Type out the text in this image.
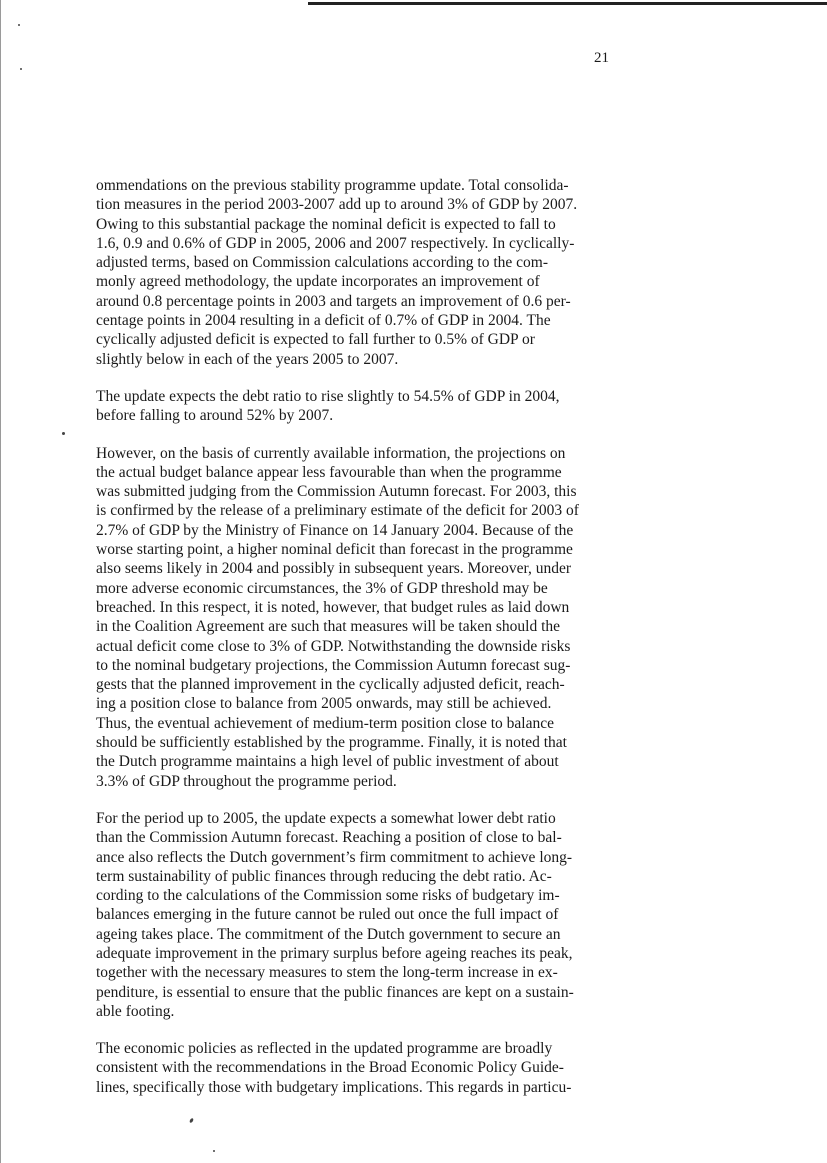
21

ommendations on the previous stability programme update. Total consolida-
tion measures in the period 2003-2007 add up to around 3% of GDP by 2007.
Owing to this substantial package the nominal deficit is expected to fall to
1.6, 0.9 and 0.6% of GDP in 2005, 2006 and 2007 respectively. In cyclically-
adjusted terms, based on Commission calculations according to the com-
monly agreed methodology, the update incorporates an improvement of
around 0.8 percentage points in 2003 and targets an improvement of 0.6 per-
centage points in 2004 resulting in a deficit of 0.7% of GDP in 2004. The
cyclically adjusted deficit is expected to fall further to 0.5% of GDP or
slightly below in each of the years 2005 to 2007.

The update expects the debt ratio to rise slightly to 54.5% of GDP in 2004,
before falling to around 52% by 2007.

However, on the basis of currently available information, the projections on
the actual budget balance appear less favourable than when the programme
was submitted judging from the Commission Autumn forecast. For 2003, this
is confirmed by the release of a preliminary estimate of the deficit for 2003 of
2.7% of GDP by the Ministry of Finance on 14 January 2004. Because of the
worse starting point, a higher nominal deficit than forecast in the programme
also seems likely in 2004 and possibly in subsequent years. Moreover, under
more adverse economic circumstances, the 3% of GDP threshold may be
breached. In this respect, it is noted, however, that budget rules as laid down
in the Coalition Agreement are such that measures will be taken should the
actual deficit come close to 3% of GDP. Notwithstanding the downside risks
to the nominal budgetary projections, the Commission Autumn forecast sug-
gests that the planned improvement in the cyclically adjusted deficit, reach-
ing a position close to balance from 2005 onwards, may still be achieved.
Thus, the eventual achievement of medium-term position close to balance
should be sufficiently established by the programme. Finally, it is noted that
the Dutch programme maintains a high level of public investment of about
3.3% of GDP throughout the programme period.

For the period up to 2005, the update expects a somewhat lower debt ratio
than the Commission Autumn forecast. Reaching a position of close to bal-
ance also reflects the Dutch government’s firm commitment to achieve long-
term sustainability of public finances through reducing the debt ratio. Ac-
cording to the calculations of the Commission some risks of budgetary im-
balances emerging in the future cannot be ruled out once the full impact of
ageing takes place. The commitment of the Dutch government to secure an
adequate improvement in the primary surplus before ageing reaches its peak,
together with the necessary measures to stem the long-term increase in ex-
penditure, is essential to ensure that the public finances are kept on a sustain-
able footing.

The economic policies as reflected in the updated programme are broadly
consistent with the recommendations in the Broad Economic Policy Guide-
lines, specifically those with budgetary implications. This regards in particu-
